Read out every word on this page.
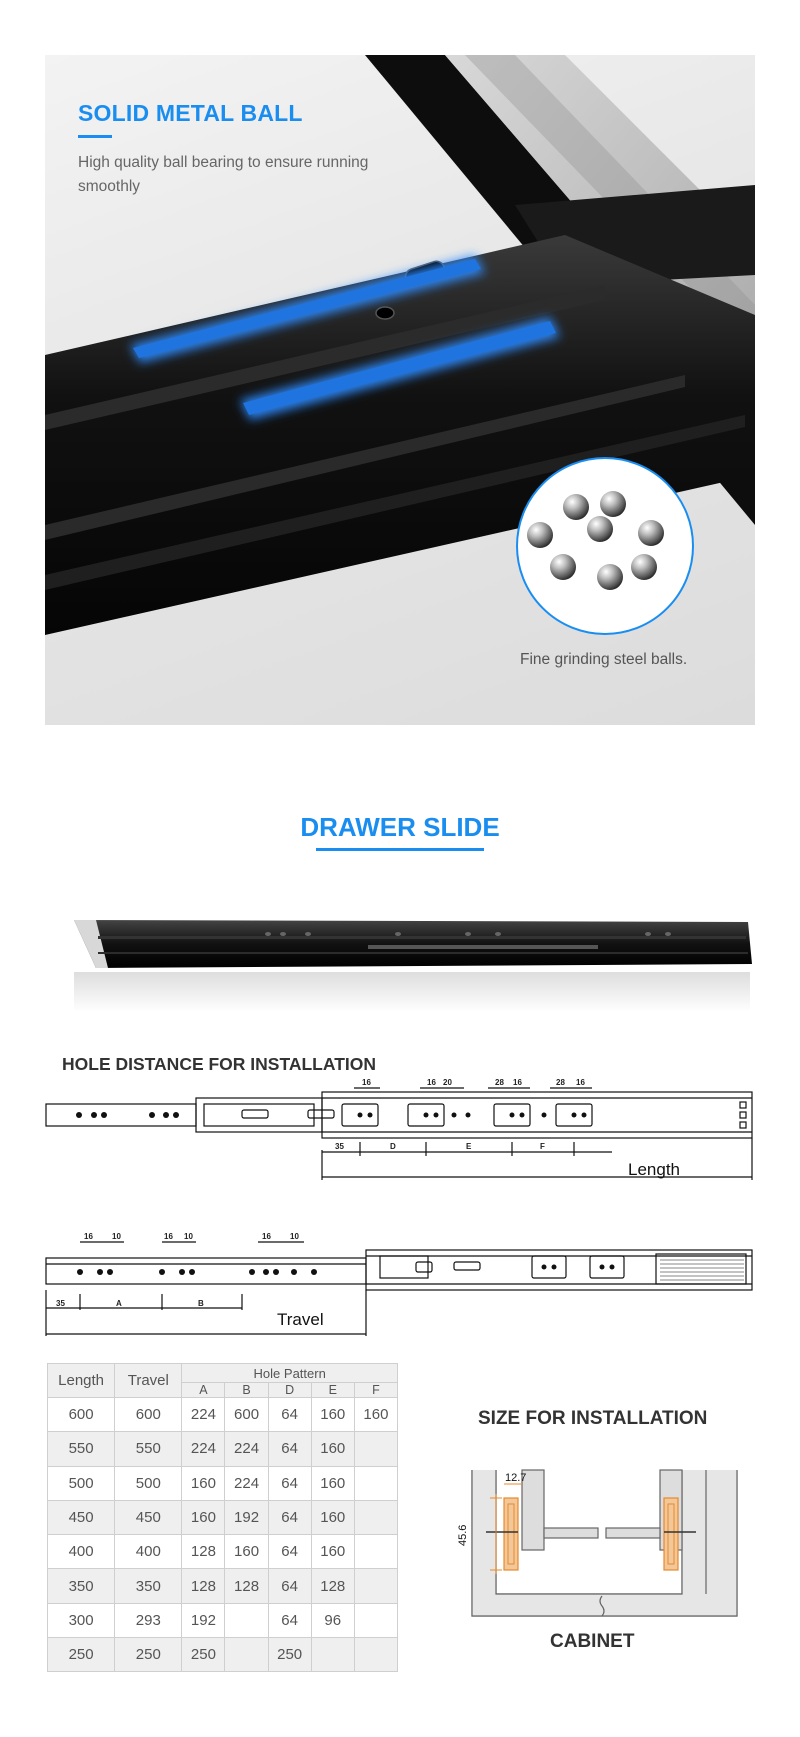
SOLID METAL BALL
High quality ball bearing to ensure running smoothly
Fine grinding steel balls.
DRAWER SLIDE
HOLE DISTANCE FOR INSTALLATION
16	16 20	28 16	28 16
35	D	E	F
Length
16 10	16 10	16 10
35	A	B
Travel
Length	Travel	Hole Pattern				
		A	B	D	E	F
600	600	224	600	64	160	160
550	550	224	224	64	160	
500	500	160	224	64	160	
450	450	160	192	64	160	
400	400	128	160	64	160	
350	350	128	128	64	128	
300	293	192		64	96	
250	250	250		250		
SIZE FOR INSTALLATION
12.7
45.6
CABINET
